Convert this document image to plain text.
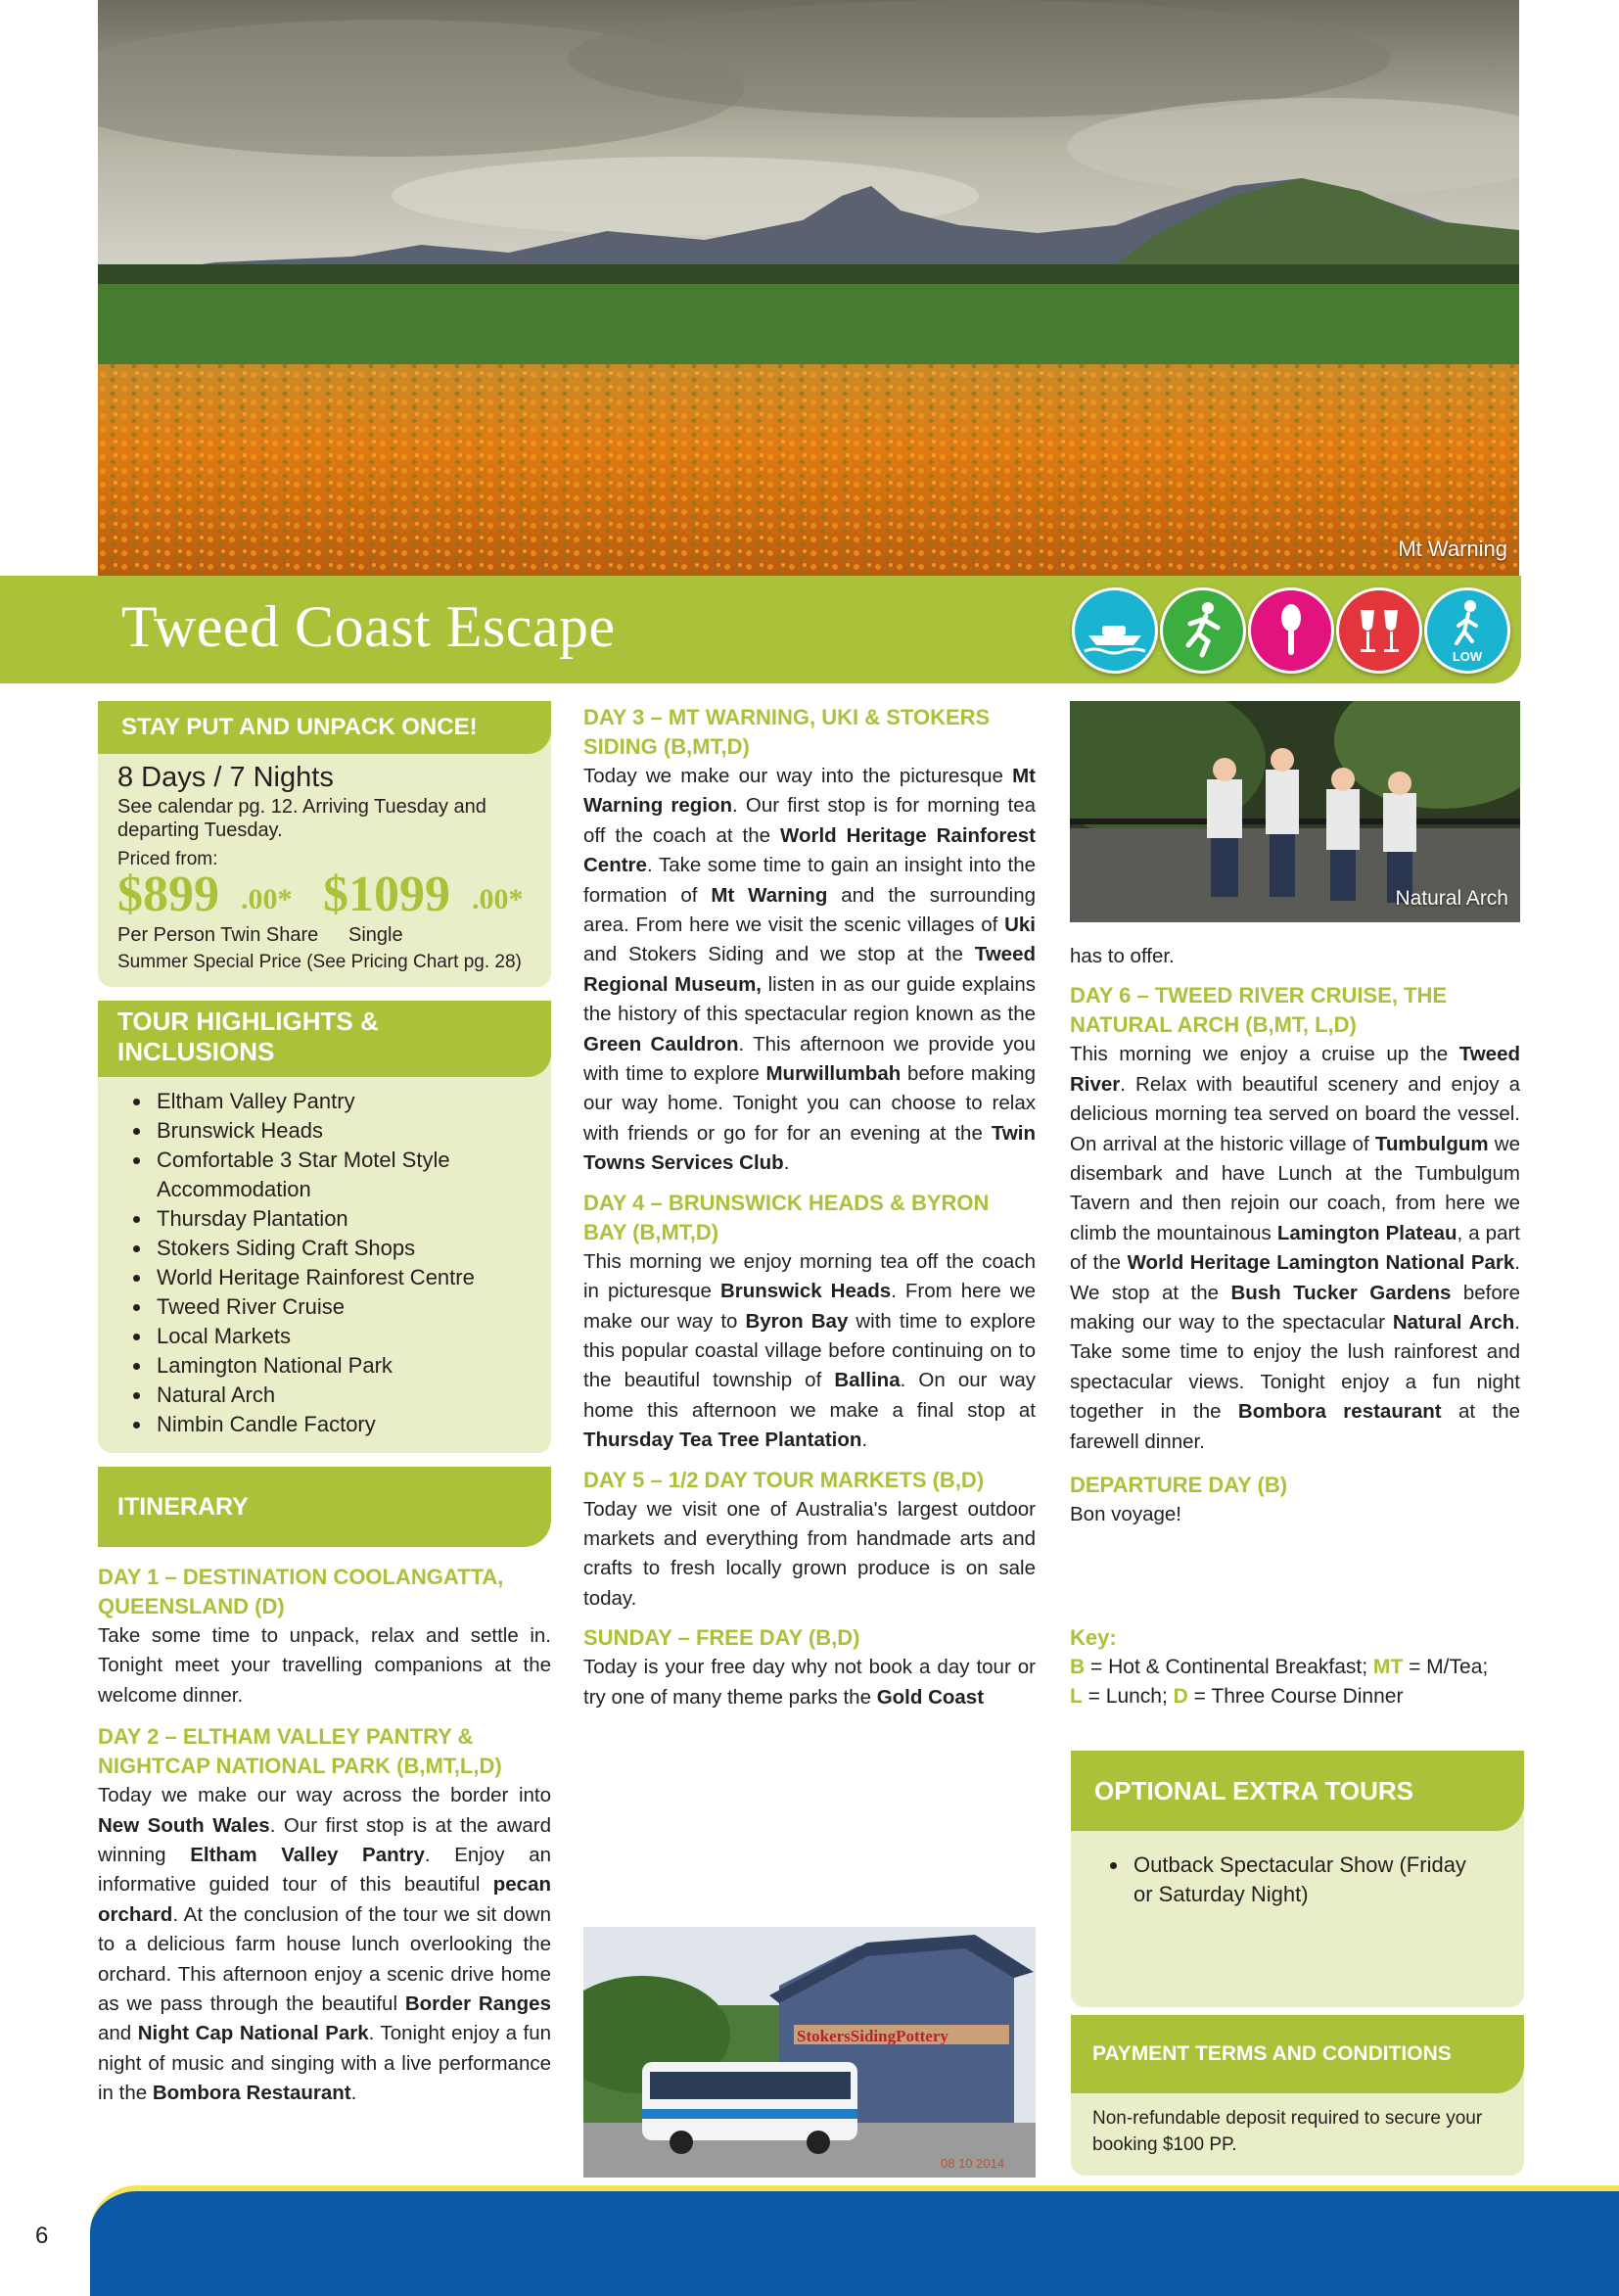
Mt Warning
Tweed Coast Escape	LOW
STAY PUT AND UNPACK ONCE!
8 Days / 7 Nights
See calendar pg. 12. Arriving Tuesday and departing Tuesday.
Priced from:
$899 .00* $1099 .00*
Per Person Twin Share Single
Summer Special Price (See Pricing Chart pg. 28)
TOUR HIGHLIGHTS & INCLUSIONS
• Eltham Valley Pantry
• Brunswick Heads
• Comfortable 3 Star Motel Style Accommodation
• Thursday Plantation
• Stokers Siding Craft Shops
• World Heritage Rainforest Centre
• Tweed River Cruise
• Local Markets
• Lamington National Park
• Natural Arch
• Nimbin Candle Factory
ITINERARY

DAY 1 – DESTINATION COOLANGATTA, QUEENSLAND (D)

Take some time to unpack, relax and settle in. Tonight meet your travelling companions at the welcome dinner.

DAY 2 – ELTHAM VALLEY PANTRY & NIGHTCAP NATIONAL PARK (B,MT,L,D)

Today we make our way across the border into New South Wales. Our first stop is at the award winning Eltham Valley Pantry. Enjoy an informative guided tour of this beautiful pecan orchard. At the conclusion of the tour we sit down to a delicious farm house lunch overlooking the orchard. This afternoon enjoy a scenic drive home as we pass through the beautiful Border Ranges and Night Cap National Park. Tonight enjoy a fun night of music and singing with a live performance in the Bombora Restaurant.

DAY 3 – MT WARNING, UKI & STOKERS SIDING (B,MT,D)

Today we make our way into the picturesque Mt Warning region. Our first stop is for morning tea off the coach at the World Heritage Rainforest Centre. Take some time to gain an insight into the formation of Mt Warning and the surrounding area. From here we visit the scenic villages of Uki and Stokers Siding and we stop at the Tweed Regional Museum, listen in as our guide explains the history of this spectacular region known as the Green Cauldron. This afternoon we provide you with time to explore Murwillumbah before making our way home. Tonight you can choose to relax with friends or go for for an evening at the Twin Towns Services Club.

DAY 4 – BRUNSWICK HEADS & BYRON BAY (B,MT,D)

This morning we enjoy morning tea off the coach in picturesque Brunswick Heads. From here we make our way to Byron Bay with time to explore this popular coastal village before continuing on to the beautiful township of Ballina. On our way home this afternoon we make a final stop at Thursday Tea Tree Plantation.

DAY 5 – 1/2 DAY TOUR MARKETS (B,D)

Today we visit one of Australia's largest outdoor markets and everything from handmade arts and crafts to fresh locally grown produce is on sale today.

SUNDAY – FREE DAY (B,D)

Today is your free day why not book a day tour or try one of many theme parks the Gold Coast

StokersSidingPottery
08 10 2014
Natural Arch

has to offer.

DAY 6 – TWEED RIVER CRUISE, THE NATURAL ARCH (B,MT, L,D)

This morning we enjoy a cruise up the Tweed River. Relax with beautiful scenery and enjoy a delicious morning tea served on board the vessel. On arrival at the historic village of Tumbulgum we disembark and have Lunch at the Tumbulgum Tavern and then rejoin our coach, from here we climb the mountainous Lamington Plateau, a part of the World Heritage Lamington National Park. We stop at the Bush Tucker Gardens before making our way to the spectacular Natural Arch. Take some time to enjoy the lush rainforest and spectacular views. Tonight enjoy a fun night together in the Bombora restaurant at the farewell dinner.

DEPARTURE DAY (B)

Bon voyage!

Key:
B = Hot & Continental Breakfast; MT = M/Tea;
L = Lunch; D = Three Course Dinner
OPTIONAL EXTRA TOURS
• Outback Spectacular Show (Friday or Saturday Night)
PAYMENT TERMS AND CONDITIONS
Non-refundable deposit required to secure your booking $100 PP.
6
